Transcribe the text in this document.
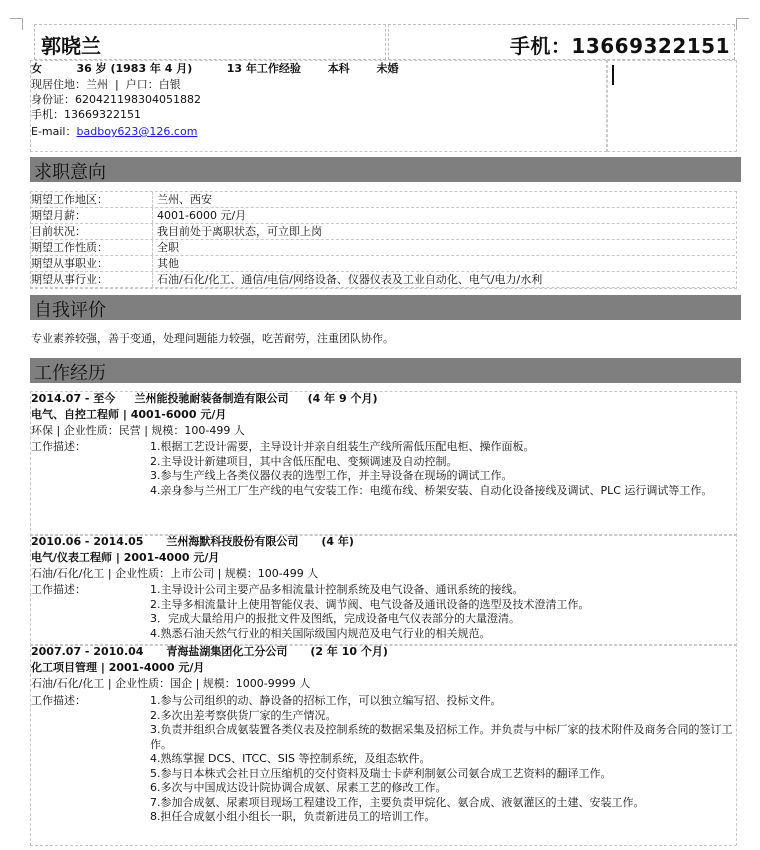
郭晓兰	手机：13669322151
女	36 岁 (1983 年 4 月)	13 年工作经验 本科 未婚
现居住地：兰州  |  户口：白银
身份证：620421198304051882
手机：13669322151
E-mail：badboy623@126.com
求职意向
期望工作地区：	兰州、西安
期望月薪：	4001-6000 元/月
目前状况：	我目前处于离职状态，可立即上岗
期望工作性质：	全职
期望从事职业：	其他
期望从事行业：	石油/石化/化工、通信/电信/网络设备、仪器仪表及工业自动化、电气/电力/水利
自我评价
专业素养较强，善于变通，处理问题能力较强，吃苦耐劳，注重团队协作。
工作经历
2014.07 - 至今 兰州能投驰耐装备制造有限公司 (4 年 9 个月)
电气、自控工程师 | 4001-6000 元/月
环保 | 企业性质：民营 | 规模：100-499 人
工作描述：	1.根据工艺设计需要，主导设计并亲自组装生产线所需低压配电柜、操作面板。
2.主导设计新建项目，其中含低压配电、变频调速及自动控制。
3.参与生产线上各类仪器仪表的选型工作，并主导设备在现场的调试工作。
4.亲身参与兰州工厂生产线的电气安装工作：电缆布线、桥架安装、自动化设备接线及调试、PLC 运行调试等工作。
2010.06 - 2014.05 兰州海默科技股份有限公司 (4 年)
电气/仪表工程师 | 2001-4000 元/月
石油/石化/化工 | 企业性质：上市公司 | 规模：100-499 人
工作描述：	1.主导设计公司主要产品多相流量计控制系统及电气设备、通讯系统的接线。
2.主导多相流量计上使用智能仪表、调节阀、电气设备及通讯设备的选型及技术澄清工作。
3．完成大量给用户的报批文件及图纸，完成设备电气仪表部分的大量澄清。
4.熟悉石油天然气行业的相关国际级国内规范及电气行业的相关规范。
2007.07 - 2010.04 青海盐湖集团化工分公司 (2 年 10 个月)
化工项目管理 | 2001-4000 元/月
石油/石化/化工 | 企业性质：国企 | 规模：1000-9999 人
工作描述：	1.参与公司组织的动、静设备的招标工作，可以独立编写招、投标文件。
2.多次出差考察供货厂家的生产情况。
3.负责并组织合成氨装置各类仪表及控制系统的数据采集及招标工作。并负责与中标厂家的技术附件及商务合同的签订工作。
4.熟练掌握 DCS、ITCC、SIS 等控制系统，及组态软件。
5.参与日本株式会社日立压缩机的交付资料及瑞士卡萨利制氨公司氨合成工艺资料的翻译工作。
6.多次与中国成达设计院协调合成氨、尿素工艺的修改工作。
7.参加合成氨、尿素项目现场工程建设工作，主要负责甲烷化、氨合成、液氨灌区的土建、安装工作。
8.担任合成氨小组小组长一职，负责新进员工的培训工作。
